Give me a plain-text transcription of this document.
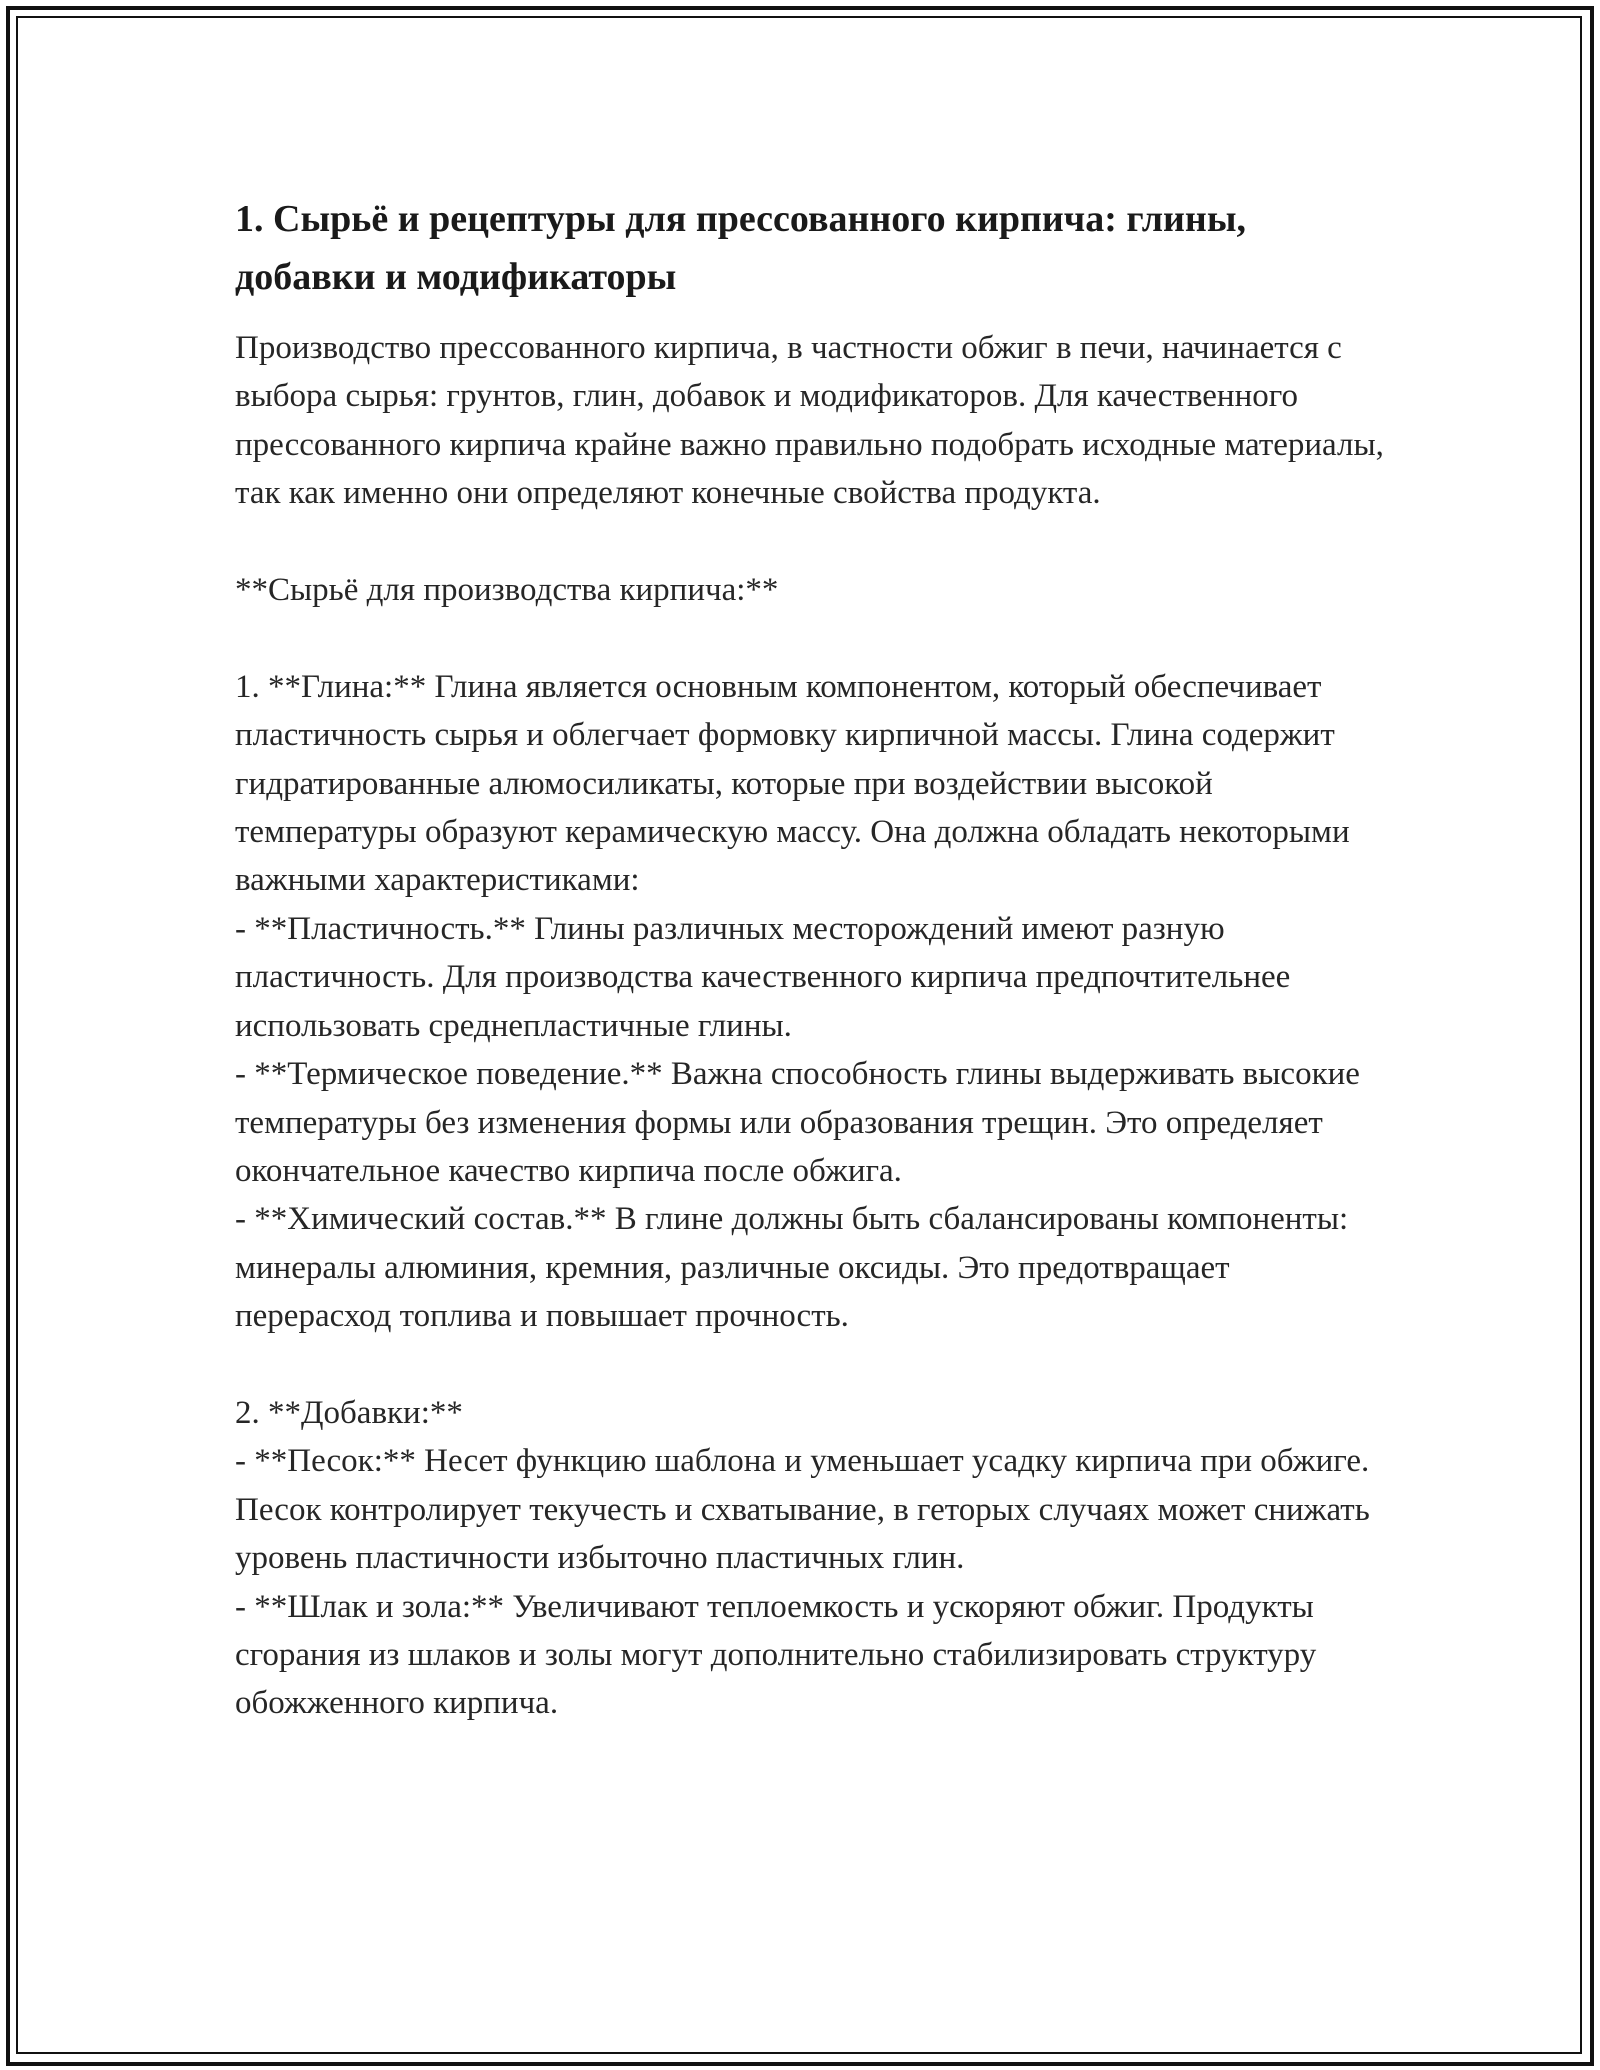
1. Сырьё и рецептуры для прессованного кирпича: глины, добавки и модификаторы

Производство прессованного кирпича, в частности обжиг в печи, начинается с выбора сырья: грунтов, глин, добавок и модификаторов. Для качественного прессованного кирпича крайне важно правильно подобрать исходные материалы, так как именно они определяют конечные свойства продукта.

**Сырьё для производства кирпича:**

1. **Глина:** Глина является основным компонентом, который обеспечивает пластичность сырья и облегчает формовку кирпичной массы. Глина содержит гидратированные алюмосиликаты, которые при воздействии высокой температуры образуют керамическую массу. Она должна обладать некоторыми важными характеристиками:
- **Пластичность.** Глины различных месторождений имеют разную пластичность. Для производства качественного кирпича предпочтительнее использовать среднепластичные глины.
- **Термическое поведение.** Важна способность глины выдерживать высокие температуры без изменения формы или образования трещин. Это определяет окончательное качество кирпича после обжига.
- **Химический состав.** В глине должны быть сбалансированы компоненты: минералы алюминия, кремния, различные оксиды. Это предотвращает перерасход топлива и повышает прочность.

2. **Добавки:**
- **Песок:** Несет функцию шаблона и уменьшает усадку кирпича при обжиге. Песок контролирует текучесть и схватывание, в геторых случаях может снижать уровень пластичности избыточно пластичных глин.
- **Шлак и зола:** Увеличивают теплоемкость и ускоряют обжиг. Продукты сгорания из шлаков и золы могут дополнительно стабилизировать структуру обожженного кирпича.
